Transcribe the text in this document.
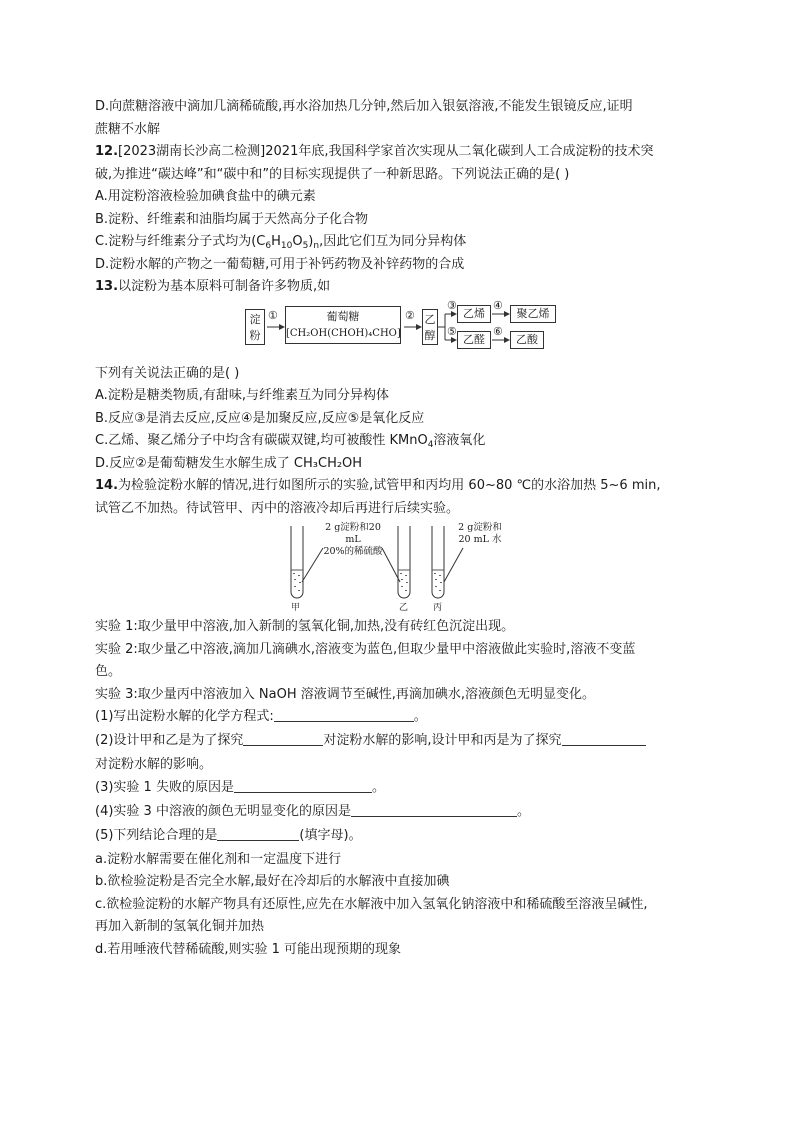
D.向蔗糖溶液中滴加几滴稀硫酸,再水浴加热几分钟,然后加入银氨溶液,不能发生银镜反应,证明
蔗糖不水解
12.[2023湖南长沙高二检测]2021年底,我国科学家首次实现从二氧化碳到人工合成淀粉的技术突
破,为推进“碳达峰”和“碳中和”的目标实现提供了一种新思路。下列说法正确的是( )
A.用淀粉溶液检验加碘食盐中的碘元素
B.淀粉、纤维素和油脂均属于天然高分子化合物
C.淀粉与纤维素分子式均为$(C_6H_{10}O_5)_n$,因此它们互为同分异构体
D.淀粉水解的产物之一葡萄糖,可用于补钙药物及补锌药物的合成
13.以淀粉为基本原料可制备许多物质,如
淀
粉
①	葡萄糖
[CH₂OH(CHOH)₄CHO]
② 乙
醇
③
乙烯
④
聚乙烯
⑤
乙醛
⑥
乙酸
下列有关说法正确的是( )
A.淀粉是糖类物质,有甜味,与纤维素互为同分异构体
B.反应③是消去反应,反应④是加聚反应,反应⑤是氧化反应
C.乙烯、聚乙烯分子中均含有碳碳双键,均可被酸性 KMnO$_4$溶液氧化
D.反应②是葡萄糖发生水解生成了 CH₃CH₂OH
14.为检验淀粉水解的情况,进行如图所示的实验,试管甲和丙均用 60~80 ℃的水浴加热 5~6 min,
试管乙不加热。待试管甲、丙中的溶液冷却后再进行后续实验。
2 g淀粉和20 mL
20%的稀硫酸
2 g淀粉和
20 mL 水
甲	乙	丙
实验 1:取少量甲中溶液,加入新制的氢氧化铜,加热,没有砖红色沉淀出现。
实验 2:取少量乙中溶液,滴加几滴碘水,溶液变为蓝色,但取少量甲中溶液做此实验时,溶液不变蓝
色。
实验 3:取少量丙中溶液加入 NaOH 溶液调节至碱性,再滴加碘水,溶液颜色无明显变化。
(1)写出淀粉水解的化学方程式:	。
(2)设计甲和乙是为了探究	对淀粉水解的影响,设计甲和丙是为了探究
对淀粉水解的影响。
(3)实验 1 失败的原因是	。
(4)实验 3 中溶液的颜色无明显变化的原因是	。
(5)下列结论合理的是	(填字母)。
a.淀粉水解需要在催化剂和一定温度下进行
b.欲检验淀粉是否完全水解,最好在冷却后的水解液中直接加碘
c.欲检验淀粉的水解产物具有还原性,应先在水解液中加入氢氧化钠溶液中和稀硫酸至溶液呈碱性,
再加入新制的氢氧化铜并加热
d.若用唾液代替稀硫酸,则实验 1 可能出现预期的现象
